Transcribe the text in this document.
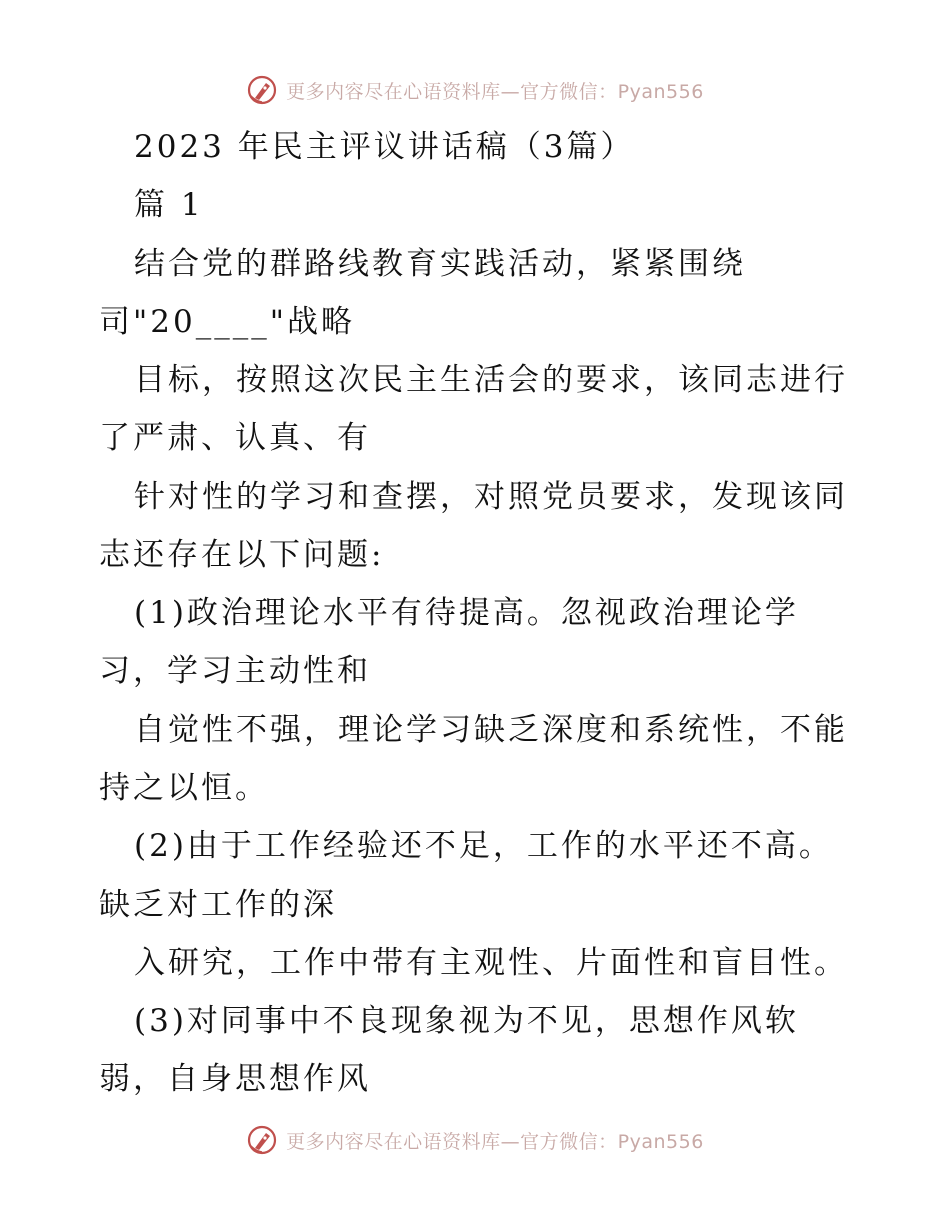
更多内容尽在心语资料库—官方微信：Pyan556
2023 年民主评议讲话稿（3篇）
篇 1
结合党的群路线教育实践活动，紧紧围绕
司"20____"战略
目标，按照这次民主生活会的要求，该同志进行
了严肃、认真、有
针对性的学习和查摆，对照党员要求，发现该同
志还存在以下问题:
(1)政治理论水平有待提高。忽视政治理论学
习，学习主动性和
自觉性不强，理论学习缺乏深度和系统性，不能
持之以恒。
(2)由于工作经验还不足，工作的水平还不高。
缺乏对工作的深
入研究，工作中带有主观性、片面性和盲目性。
(3)对同事中不良现象视为不见，思想作风软
弱，自身思想作风
更多内容尽在心语资料库—官方微信：Pyan556
